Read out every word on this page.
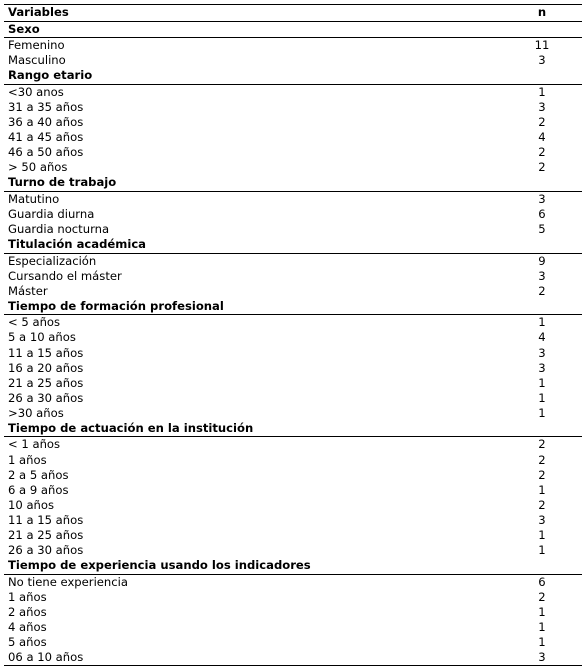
Variables	n
Sexo
Femenino	11
Masculino	3
Rango etario
<30 anos	1
31 a 35 años	3
36 a 40 años	2
41 a 45 años	4
46 a 50 años	2
> 50 años	2
Turno de trabajo
Matutino	3
Guardia diurna	6
Guardia nocturna	5
Titulación académica
Especialización	9
Cursando el máster	3
Máster	2
Tiempo de formación profesional
< 5 años	1
5 a 10 años	4
11 a 15 años	3
16 a 20 años	3
21 a 25 años	1
26 a 30 años	1
>30 años	1
Tiempo de actuación en la institución
< 1 años	2
1 años	2
2 a 5 años	2
6 a 9 años	1
10 años	2
11 a 15 años	3
21 a 25 años	1
26 a 30 años	1
Tiempo de experiencia usando los indicadores
No tiene experiencia	6
1 años	2
2 años	1
4 años	1
5 años	1
06 a 10 años	3
